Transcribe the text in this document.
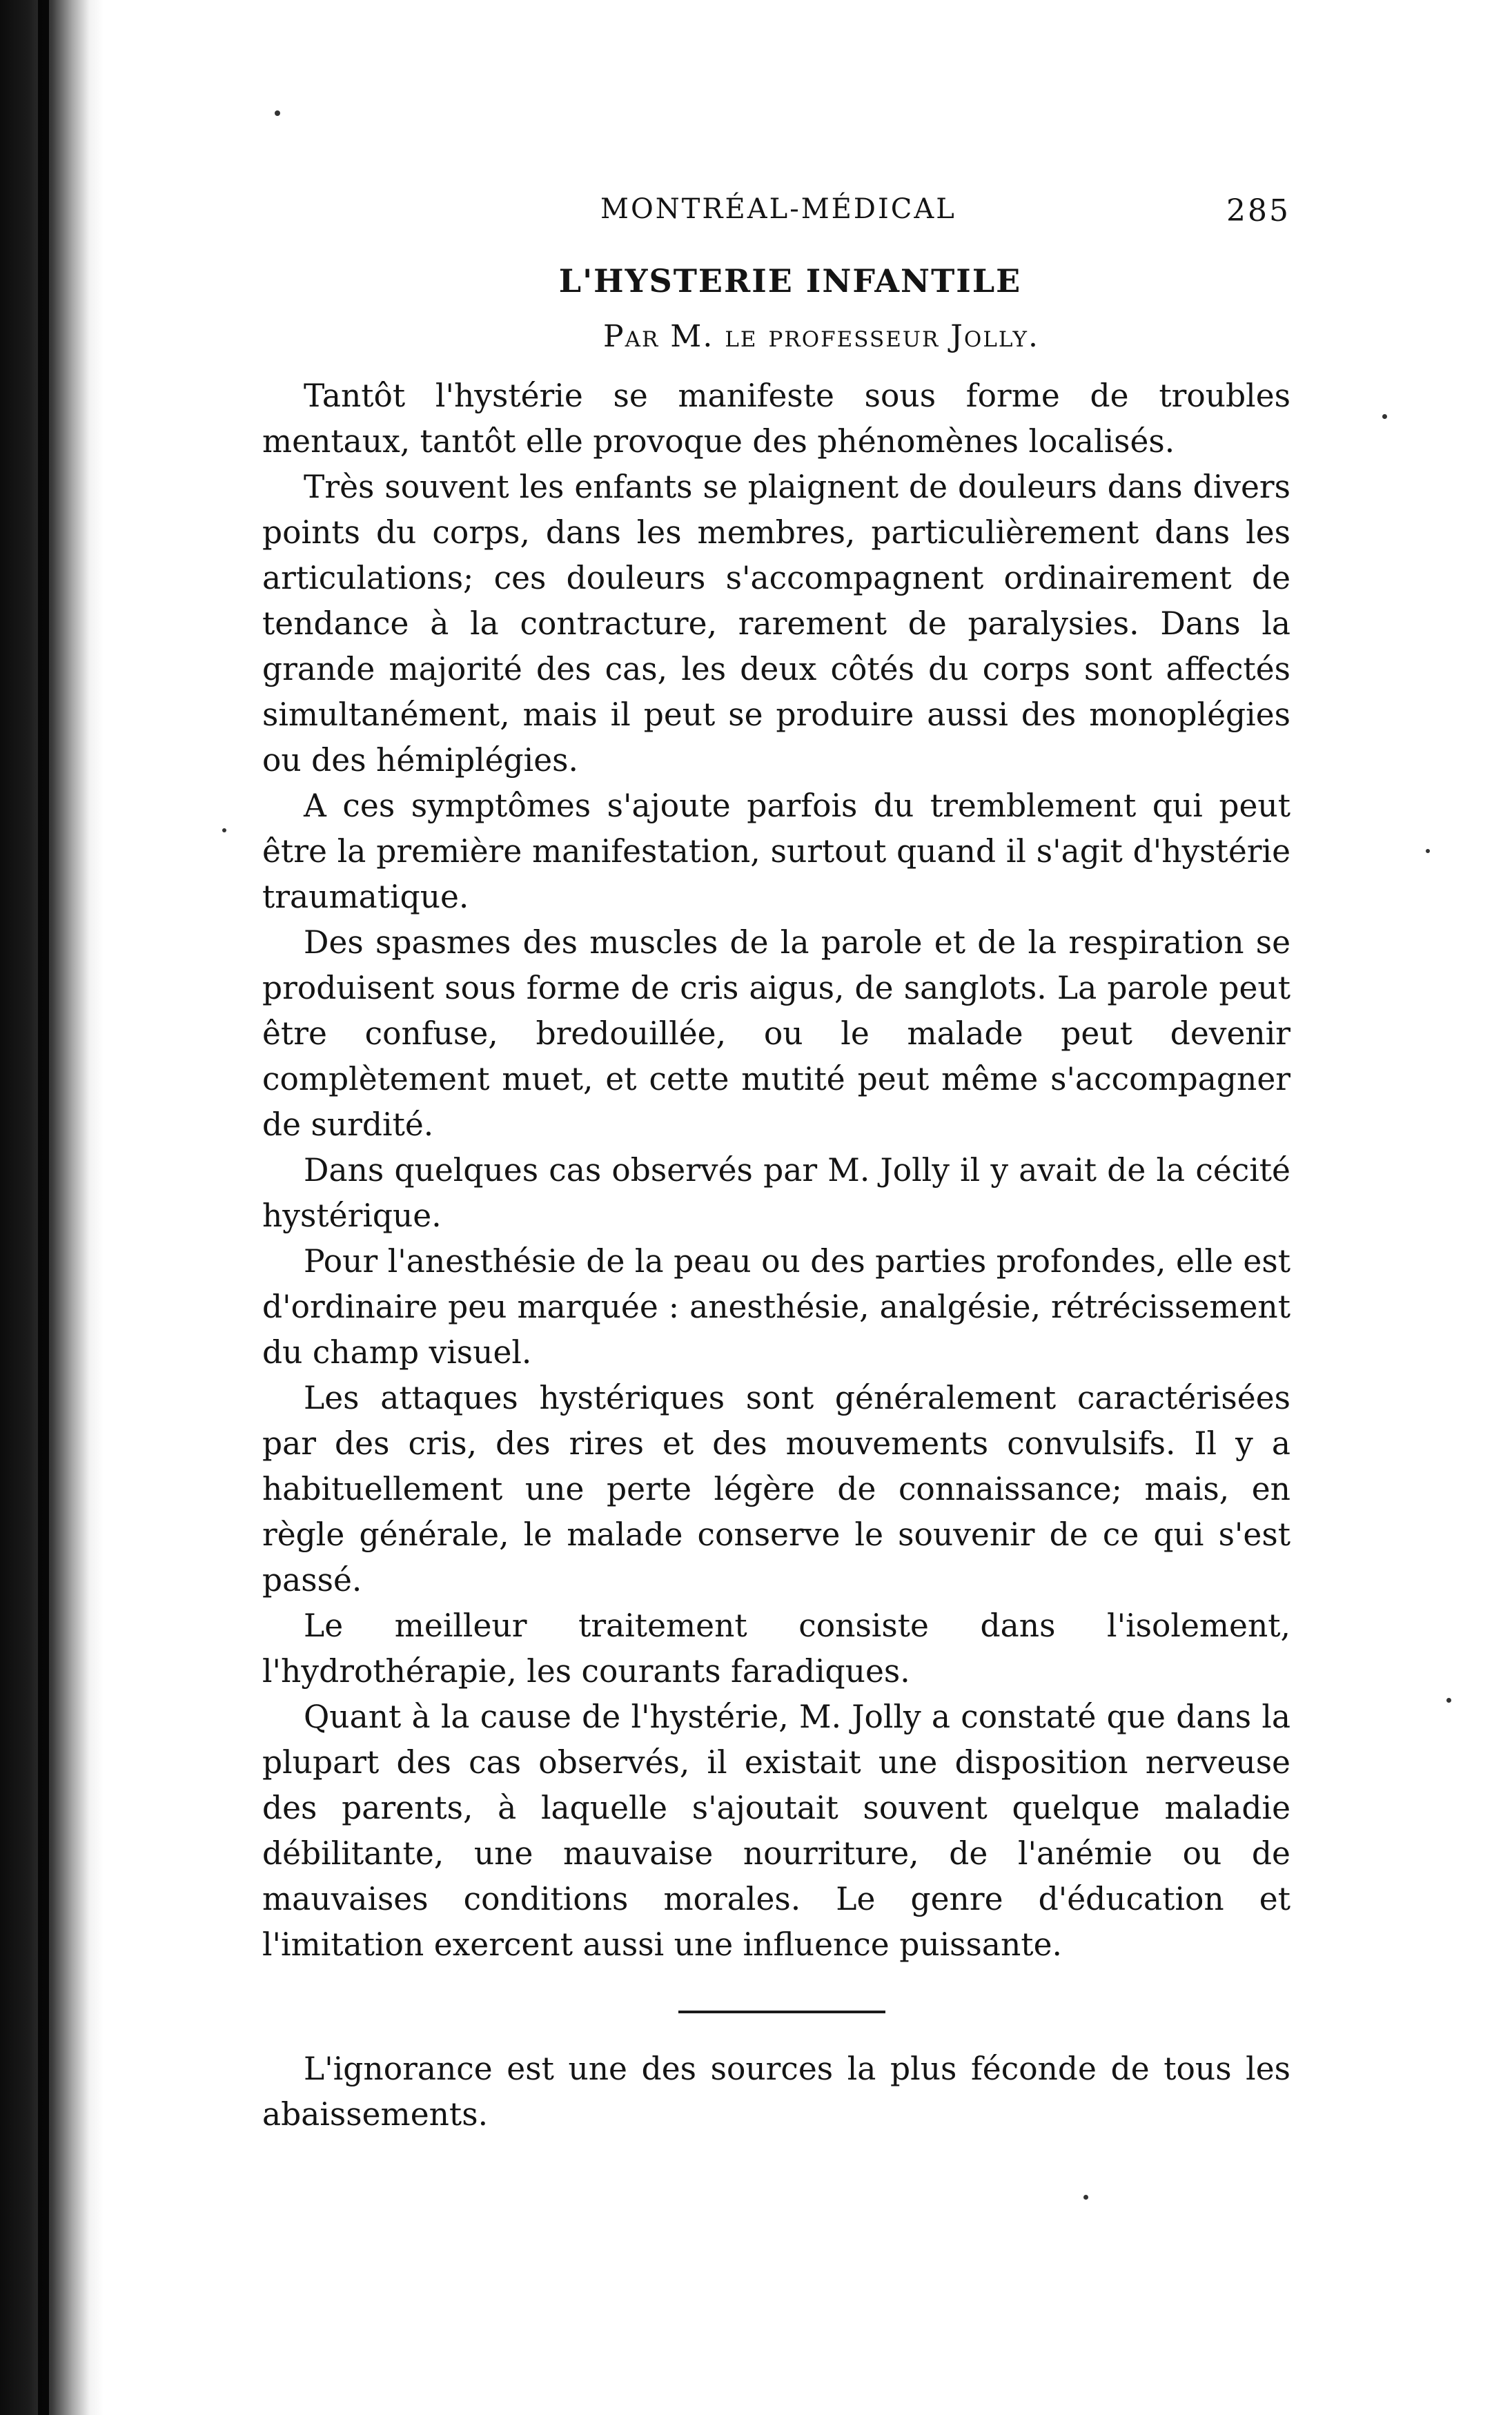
MONTRÉAL-MÉDICAL	285
L'HYSTERIE INFANTILE
Par M. le professeur Jolly.

Tantôt l'hystérie se manifeste sous forme de troubles mentaux, tantôt elle provoque des phénomènes localisés.

Très souvent les enfants se plaignent de douleurs dans divers points du corps, dans les membres, particulièrement dans les articulations; ces douleurs s'accompagnent ordinairement de tendance à la contracture, rarement de paralysies. Dans la grande majorité des cas, les deux côtés du corps sont affectés simultanément, mais il peut se produire aussi des monoplégies ou des hémiplégies.

A ces symptômes s'ajoute parfois du tremblement qui peut être la première manifestation, surtout quand il s'agit d'hystérie traumatique.

Des spasmes des muscles de la parole et de la respiration se produisent sous forme de cris aigus, de sanglots. La parole peut être confuse, bredouillée, ou le malade peut devenir complètement muet, et cette mutité peut même s'accompagner de surdité.

Dans quelques cas observés par M. Jolly il y avait de la cécité hystérique.

Pour l'anesthésie de la peau ou des parties profondes, elle est d'ordinaire peu marquée : anesthésie, analgésie, rétrécissement du champ visuel.

Les attaques hystériques sont généralement caractérisées par des cris, des rires et des mouvements convulsifs. Il y a habituellement une perte légère de connaissance; mais, en règle générale, le malade conserve le souvenir de ce qui s'est passé.

Le meilleur traitement consiste dans l'isolement, l'hydrothérapie, les courants faradiques.

Quant à la cause de l'hystérie, M. Jolly a constaté que dans la plupart des cas observés, il existait une disposition nerveuse des parents, à laquelle s'ajoutait souvent quelque maladie débilitante, une mauvaise nourriture, de l'anémie ou de mauvaises conditions morales. Le genre d'éducation et l'imitation exercent aussi une influence puissante.

L'ignorance est une des sources la plus féconde de tous les abaissements.
